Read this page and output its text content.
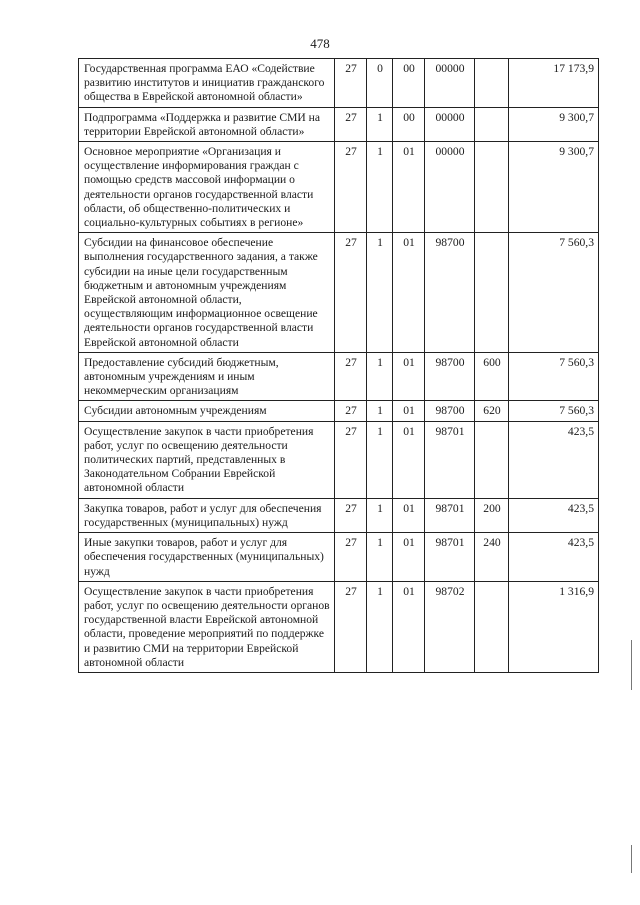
478
Государственная программа ЕАО «Содействие развитию институтов и инициатив гражданского общества в Еврейской автономной области»	27	0	00	00000		17 173,9
Подпрограмма «Поддержка и развитие СМИ на территории Еврейской автономной области»	27	1	00	00000		9 300,7
Основное мероприятие «Организация и осуществление информирования граждан с помощью средств массовой информации о деятельности органов государственной власти области, об общественно-политических и социально-культурных событиях в регионе»	27	1	01	00000		9 300,7
Субсидии на финансовое обеспечение выполнения государственного задания, а также субсидии на иные цели государственным бюджетным и автономным учреждениям Еврейской автономной области, осуществляющим информационное освещение деятельности органов государственной власти Еврейской автономной области	27	1	01	98700		7 560,3
Предоставление субсидий бюджетным, автономным учреждениям и иным некоммерческим организациям	27	1	01	98700	600	7 560,3
Субсидии автономным учреждениям	27	1	01	98700	620	7 560,3
Осуществление закупок в части приобретения работ, услуг по освещению деятельности политических партий, представленных в Законодательном Собрании Еврейской автономной области	27	1	01	98701		423,5
Закупка товаров, работ и услуг для обеспечения государственных (муниципальных) нужд	27	1	01	98701	200	423,5
Иные закупки товаров, работ и услуг для обеспечения государственных (муниципальных) нужд	27	1	01	98701	240	423,5
Осуществление закупок в части приобретения работ, услуг по освещению деятельности органов государственной власти Еврейской автономной области, проведение мероприятий по поддержке и развитию СМИ на территории Еврейской автономной области	27	1	01	98702		1 316,9
